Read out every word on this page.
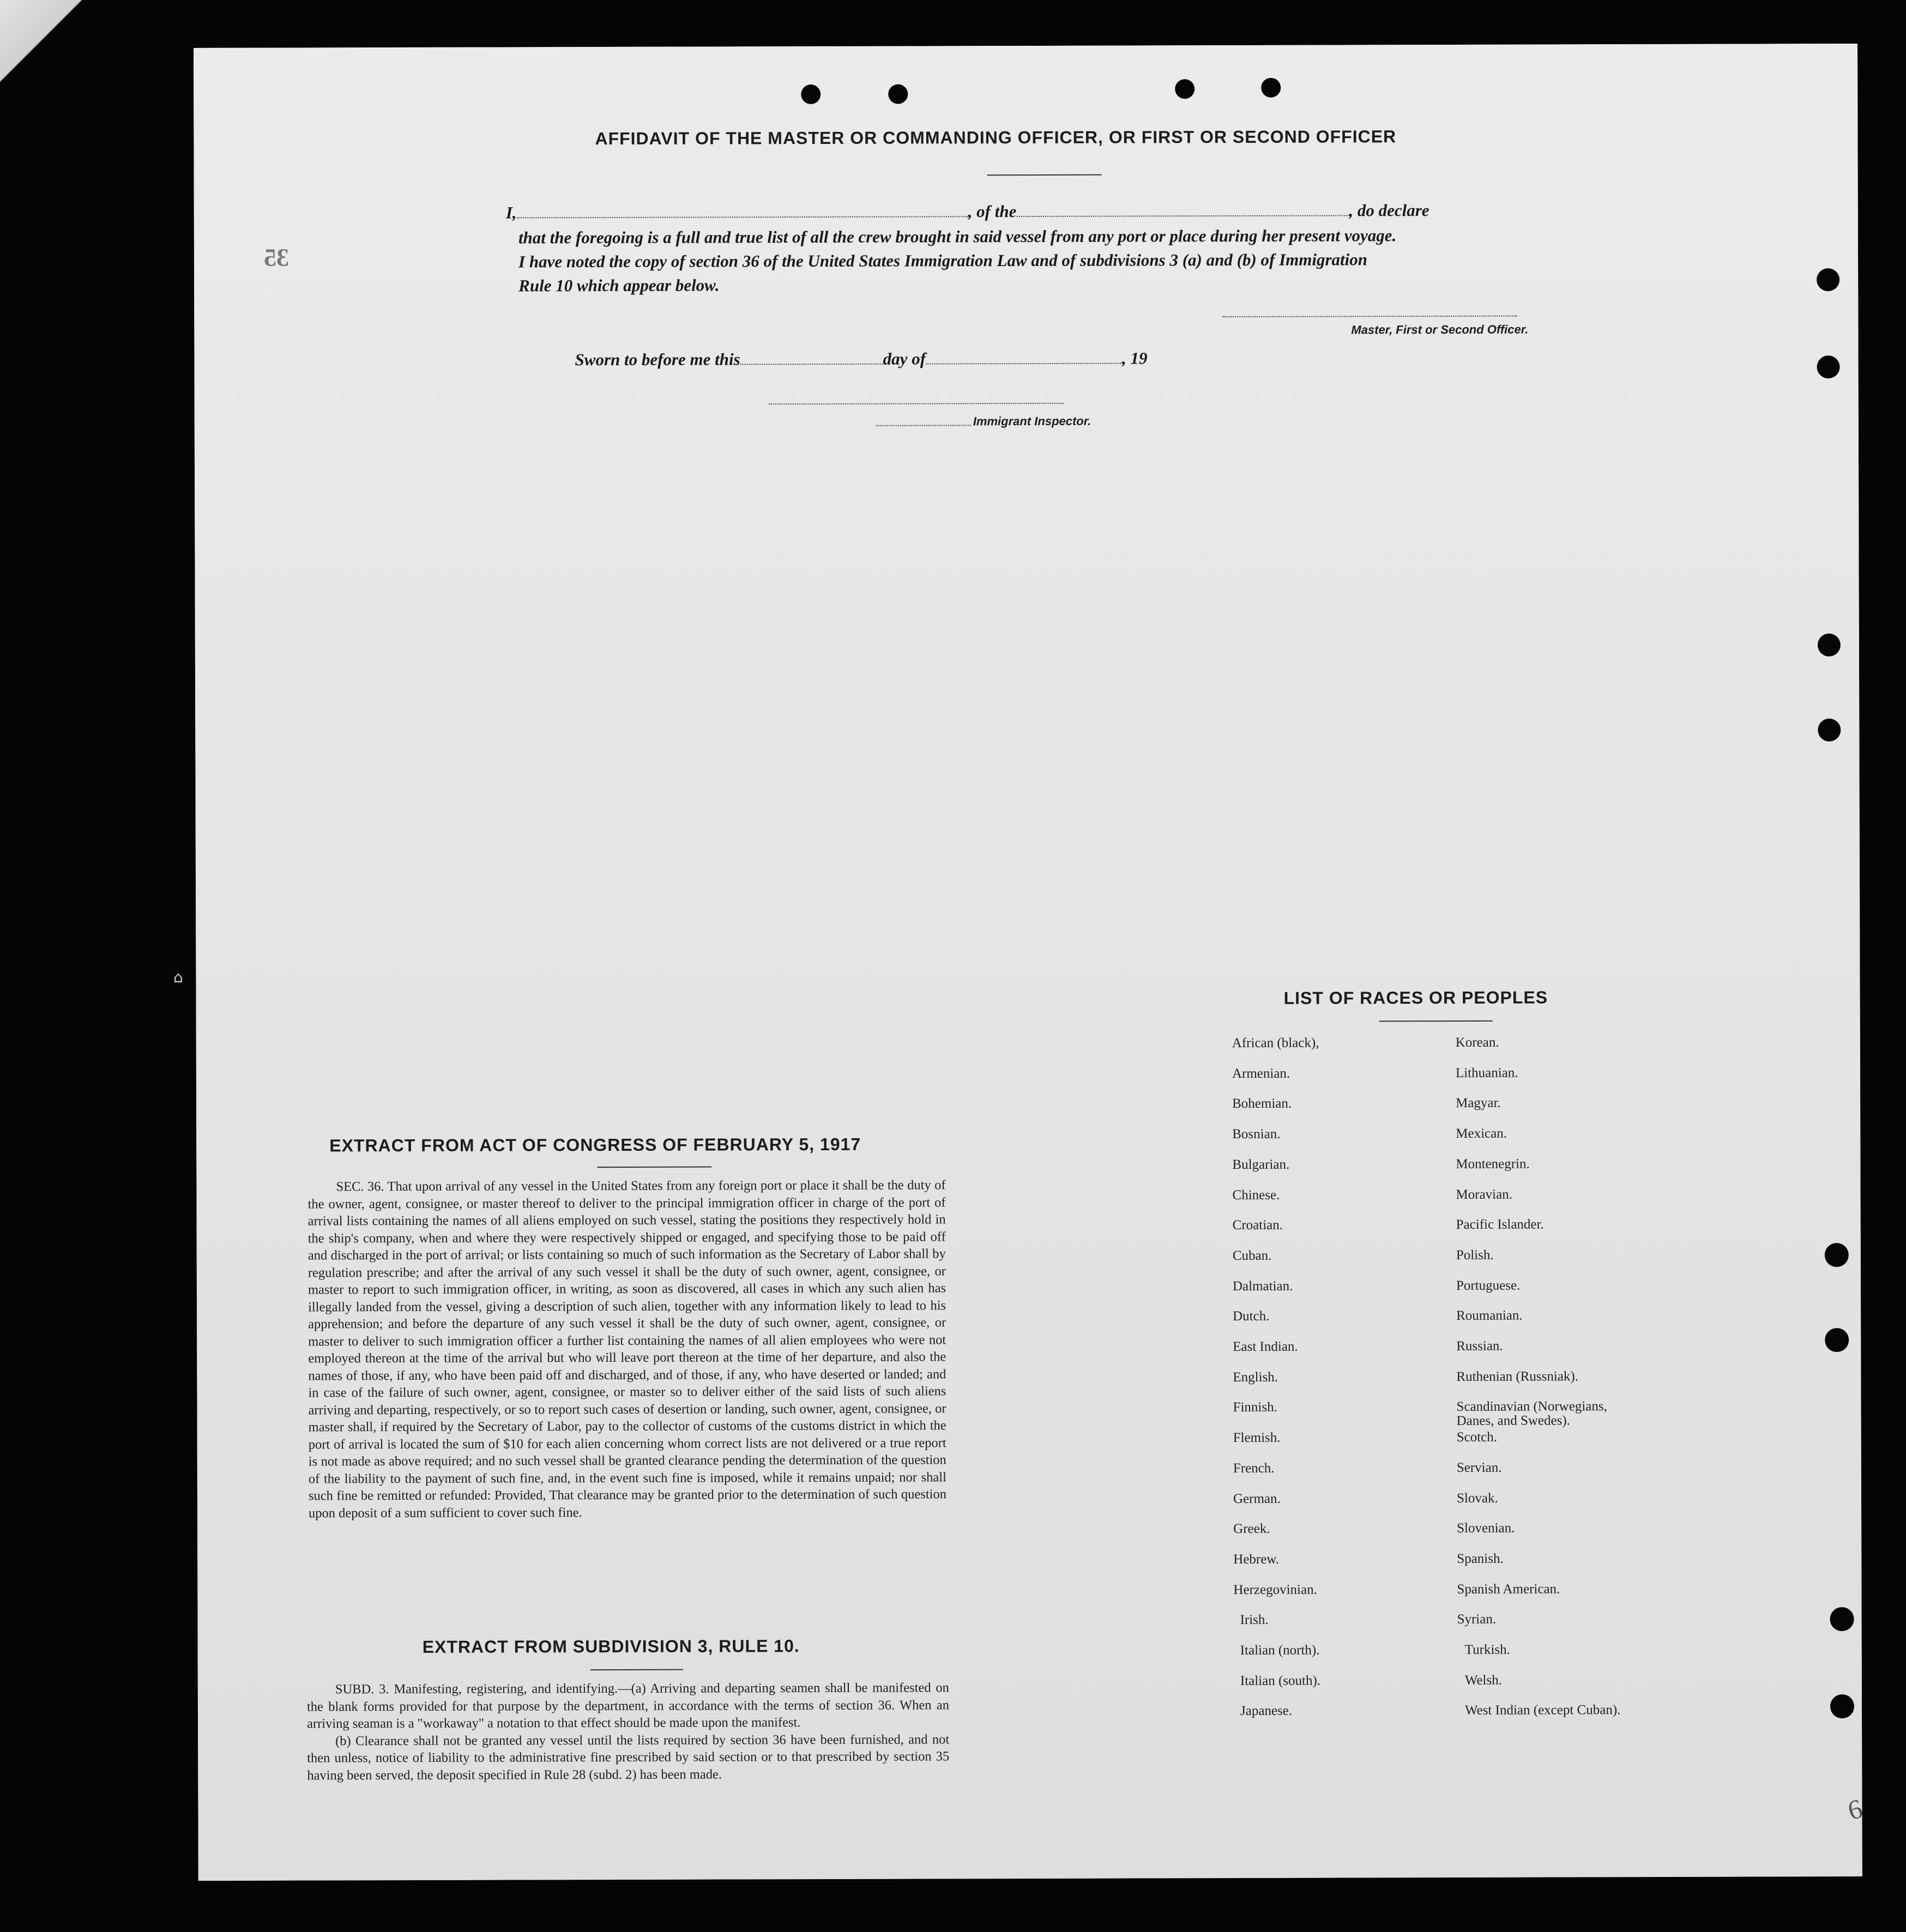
⌂
35
AFFIDAVIT OF THE MASTER OR COMMANDING OFFICER, OR FIRST OR SECOND OFFICER
I,	, of the	, do declare
that the foregoing is a full and true list of all the crew brought in said vessel from any port or place during her present voyage.
I have noted the copy of section 36 of the United States Immigration Law and of subdivisions 3 (a) and (b) of Immigration
Rule 10 which appear below.
Master, First or Second Officer.
Sworn to before me this	day of	, 19
Immigrant Inspector.
EXTRACT FROM ACT OF CONGRESS OF FEBRUARY 5, 1917

SEC. 36. That upon arrival of any vessel in the United States from any foreign port or place it shall be the duty of the owner, agent, consignee, or master thereof to deliver to the principal immigration officer in charge of the port of arrival lists containing the names of all aliens employed on such vessel, stating the positions they respectively hold in the ship's company, when and where they were respectively shipped or engaged, and specifying those to be paid off and discharged in the port of arrival; or lists containing so much of such information as the Secretary of Labor shall by regulation prescribe; and after the arrival of any such vessel it shall be the duty of such owner, agent, consignee, or master to report to such immigration officer, in writing, as soon as discovered, all cases in which any such alien has illegally landed from the vessel, giving a description of such alien, together with any information likely to lead to his apprehension; and before the departure of any such vessel it shall be the duty of such owner, agent, consignee, or master to deliver to such immigration officer a further list containing the names of all alien employees who were not employed thereon at the time of the arrival but who will leave port thereon at the time of her departure, and also the names of those, if any, who have been paid off and discharged, and of those, if any, who have deserted or landed; and in case of the failure of such owner, agent, consignee, or master so to deliver either of the said lists of such aliens arriving and departing, respectively, or so to report such cases of desertion or landing, such owner, agent, consignee, or master shall, if required by the Secretary of Labor, pay to the collector of customs of the customs district in which the port of arrival is located the sum of $10 for each alien concerning whom correct lists are not delivered or a true report is not made as above required; and no such vessel shall be granted clearance pending the determination of the question of the liability to the payment of such fine, and, in the event such fine is imposed, while it remains unpaid; nor shall such fine be remitted or refunded: Provided, That clearance may be granted prior to the determination of such question upon deposit of a sum sufficient to cover such fine.

EXTRACT FROM SUBDIVISION 3, RULE 10.

SUBD. 3. Manifesting, registering, and identifying.—(a) Arriving and departing seamen shall be manifested on the blank forms provided for that purpose by the department, in accordance with the terms of section 36. When an arriving seaman is a "workaway" a notation to that effect should be made upon the manifest.

(b) Clearance shall not be granted any vessel until the lists required by section 36 have been furnished, and not then unless, notice of liability to the administrative fine prescribed by said section or to that prescribed by section 35 having been served, the deposit specified in Rule 28 (subd. 2) has been made.

LIST OF RACES OR PEOPLES
African (black),
Armenian.
Bohemian.
Bosnian.
Bulgarian.
Chinese.
Croatian.
Cuban.
Dalmatian.
Dutch.
East Indian.
English.
Finnish.
Flemish.
French.
German.
Greek.
Hebrew.
Herzegovinian.
Irish.
Italian (north).
Italian (south).
Japanese.
Korean.
Lithuanian.
Magyar.
Mexican.
Montenegrin.
Moravian.
Pacific Islander.
Polish.
Portuguese.
Roumanian.
Russian.
Ruthenian (Russniak).
Scandinavian (Norwegians,
Danes, and Swedes).
Scotch.
Servian.
Slovak.
Slovenian.
Spanish.
Spanish American.
Syrian.
Turkish.
Welsh.
West Indian (except Cuban).
6
